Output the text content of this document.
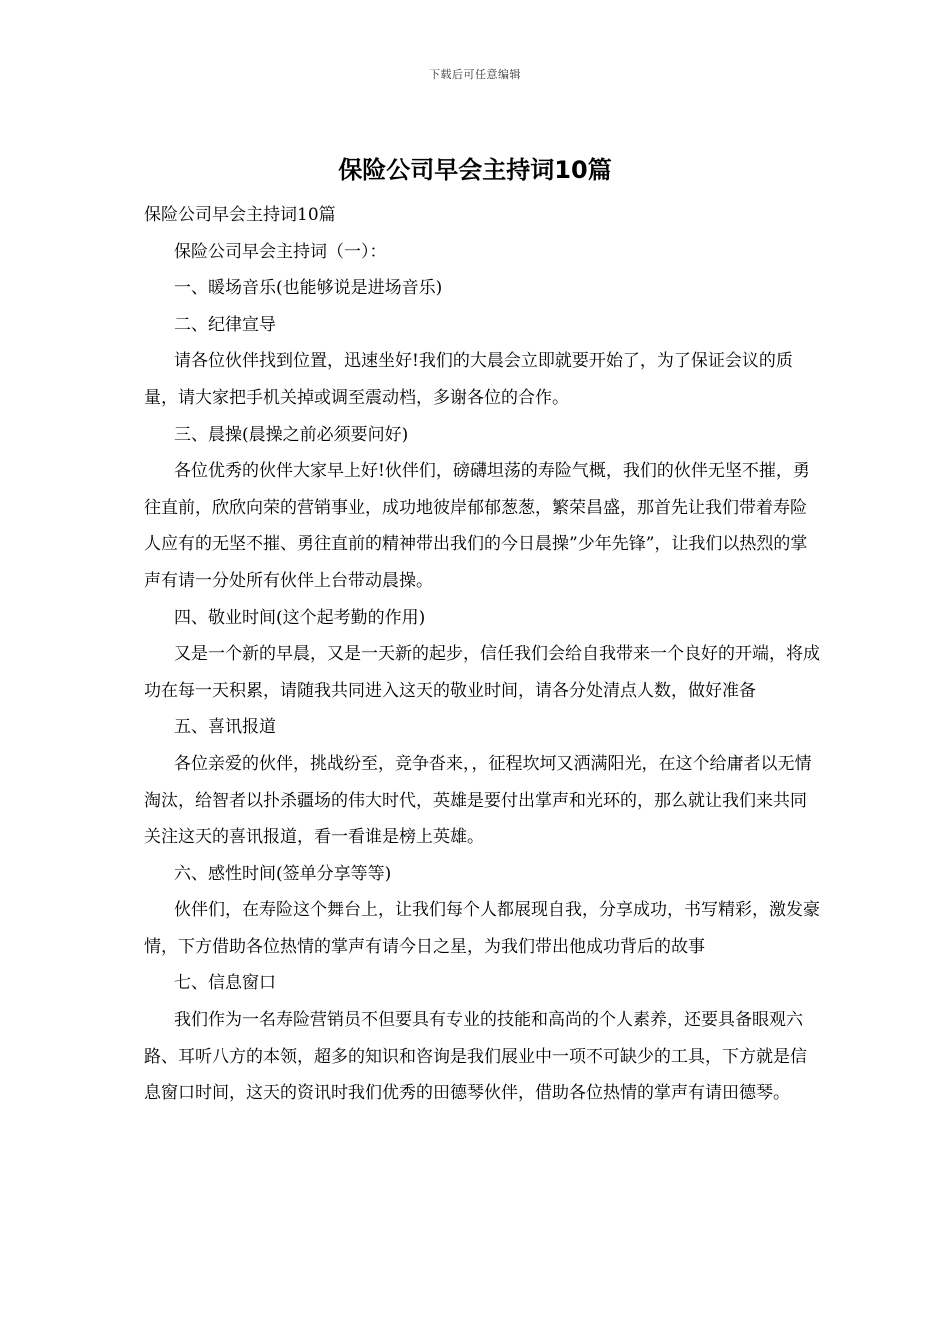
下载后可任意编辑
保险公司早会主持词10篇

保险公司早会主持词10篇

保险公司早会主持词（一）：

一、暖场音乐(也能够说是进场音乐)

二、纪律宣导

请各位伙伴找到位置，迅速坐好!我们的大晨会立即就要开始了，为了保证会议的质量，请大家把手机关掉或调至震动档，多谢各位的合作。

三、晨操(晨操之前必须要问好)

各位优秀的伙伴大家早上好!伙伴们，磅礴坦荡的寿险气概，我们的伙伴无坚不摧，勇往直前，欣欣向荣的营销事业，成功地彼岸郁郁葱葱，繁荣昌盛，那首先让我们带着寿险人应有的无坚不摧、勇往直前的精神带出我们的今日晨操”少年先锋”，让我们以热烈的掌声有请一分处所有伙伴上台带动晨操。

四、敬业时间(这个起考勤的作用)

又是一个新的早晨，又是一天新的起步，信任我们会给自我带来一个良好的开端，将成功在每一天积累，请随我共同进入这天的敬业时间，请各分处清点人数，做好准备

五、喜讯报道

各位亲爱的伙伴，挑战纷至，竞争沓来，，征程坎坷又洒满阳光，在这个给庸者以无情淘汰，给智者以扑杀疆场的伟大时代，英雄是要付出掌声和光环的，那么就让我们来共同关注这天的喜讯报道，看一看谁是榜上英雄。

六、感性时间(签单分享等等)

伙伴们，在寿险这个舞台上，让我们每个人都展现自我，分享成功，书写精彩，激发豪情，下方借助各位热情的掌声有请今日之星，为我们带出他成功背后的故事

七、信息窗口

我们作为一名寿险营销员不但要具有专业的技能和高尚的个人素养，还要具备眼观六路、耳听八方的本领，超多的知识和咨询是我们展业中一项不可缺少的工具，下方就是信息窗口时间，这天的资讯时我们优秀的田德琴伙伴，借助各位热情的掌声有请田德琴。
